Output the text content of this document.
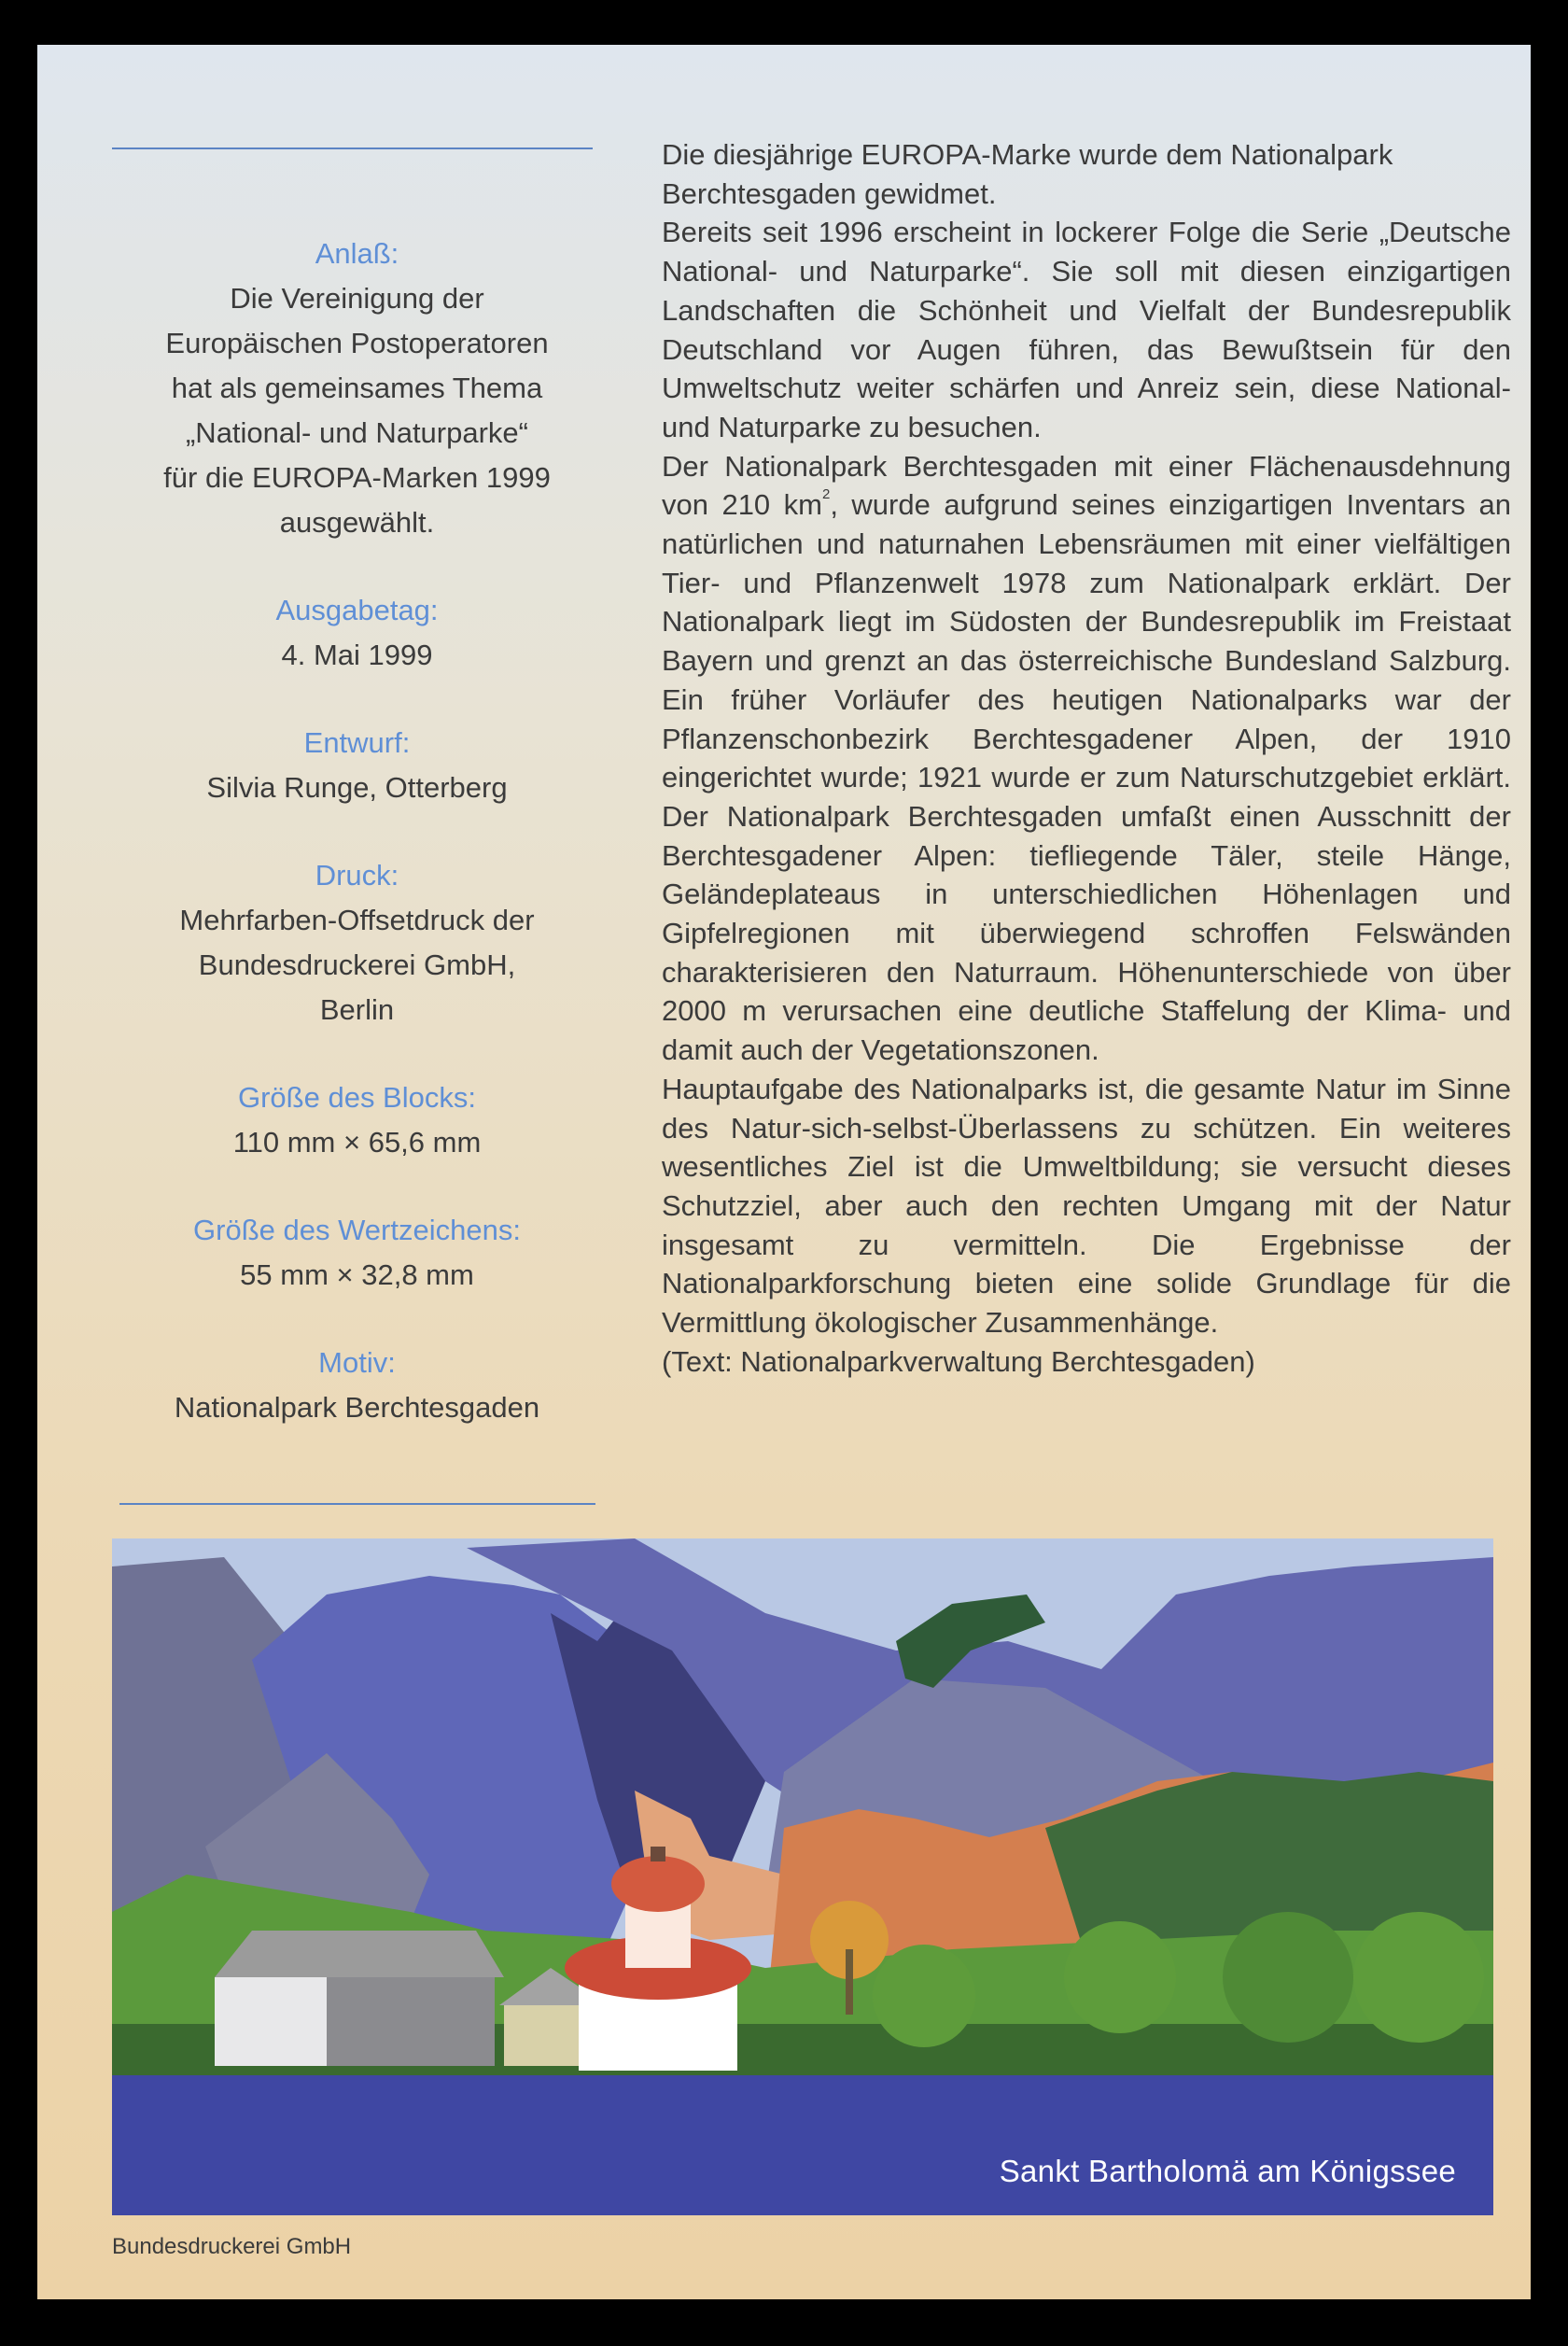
Anlaß:
Die Vereinigung der
Europäischen Postoperatoren
hat als gemeinsames Thema
„National- und Naturparke“
für die EUROPA-Marken 1999
ausgewählt.
Ausgabetag:
4. Mai 1999
Entwurf:
Silvia Runge, Otterberg
Druck:
Mehrfarben-Offsetdruck der
Bundesdruckerei GmbH,
Berlin
Größe des Blocks:
110 mm × 65,6 mm
Größe des Wertzeichens:
55 mm × 32,8 mm
Motiv:
Nationalpark Berchtesgaden
Die diesjährige EUROPA-Marke wurde dem Nationalpark Berchtesgaden gewidmet.
Bereits seit 1996 erscheint in lockerer Folge die Serie „Deutsche National- und Naturparke“. Sie soll mit diesen einzigartigen Landschaften die Schönheit und Vielfalt der Bundesrepublik Deutschland vor Augen führen, das Bewußtsein für den Umweltschutz weiter schärfen und Anreiz sein, diese National- und Naturparke zu besuchen.
Der Nationalpark Berchtesgaden mit einer Flächenausdehnung von 210 $km^2$, wurde aufgrund seines einzigartigen Inventars an natürlichen und naturnahen Lebensräumen mit einer vielfältigen Tier- und Pflanzenwelt 1978 zum Nationalpark erklärt. Der Nationalpark liegt im Südosten der Bundesrepublik im Freistaat Bayern und grenzt an das österreichische Bundesland Salzburg. Ein früher Vorläufer des heutigen Nationalparks war der Pflanzenschonbezirk Berchtesgadener Alpen, der 1910 eingerichtet wurde; 1921 wurde er zum Naturschutzgebiet erklärt. Der Nationalpark Berchtesgaden umfaßt einen Ausschnitt der Berchtesgadener Alpen: tiefliegende Täler, steile Hänge, Geländeplateaus in unterschiedlichen Höhenlagen und Gipfelregionen mit überwiegend schroffen Felswänden charakterisieren den Naturraum. Höhenunterschiede von über 2000 m verursachen eine deutliche Staffelung der Klima- und damit auch der Vegetationszonen.
Hauptaufgabe des Nationalparks ist, die gesamte Natur im Sinne des Natur-sich-selbst-Überlassens zu schützen. Ein weiteres wesentliches Ziel ist die Umweltbildung; sie versucht dieses Schutzziel, aber auch den rechten Umgang mit der Natur insgesamt zu vermitteln. Die Ergebnisse der Nationalparkforschung bieten eine solide Grundlage für die Vermittlung ökologischer Zusammenhänge.
(Text: Nationalparkverwaltung Berchtesgaden)
Sankt Bartholomä am Königssee
Bundesdruckerei GmbH
